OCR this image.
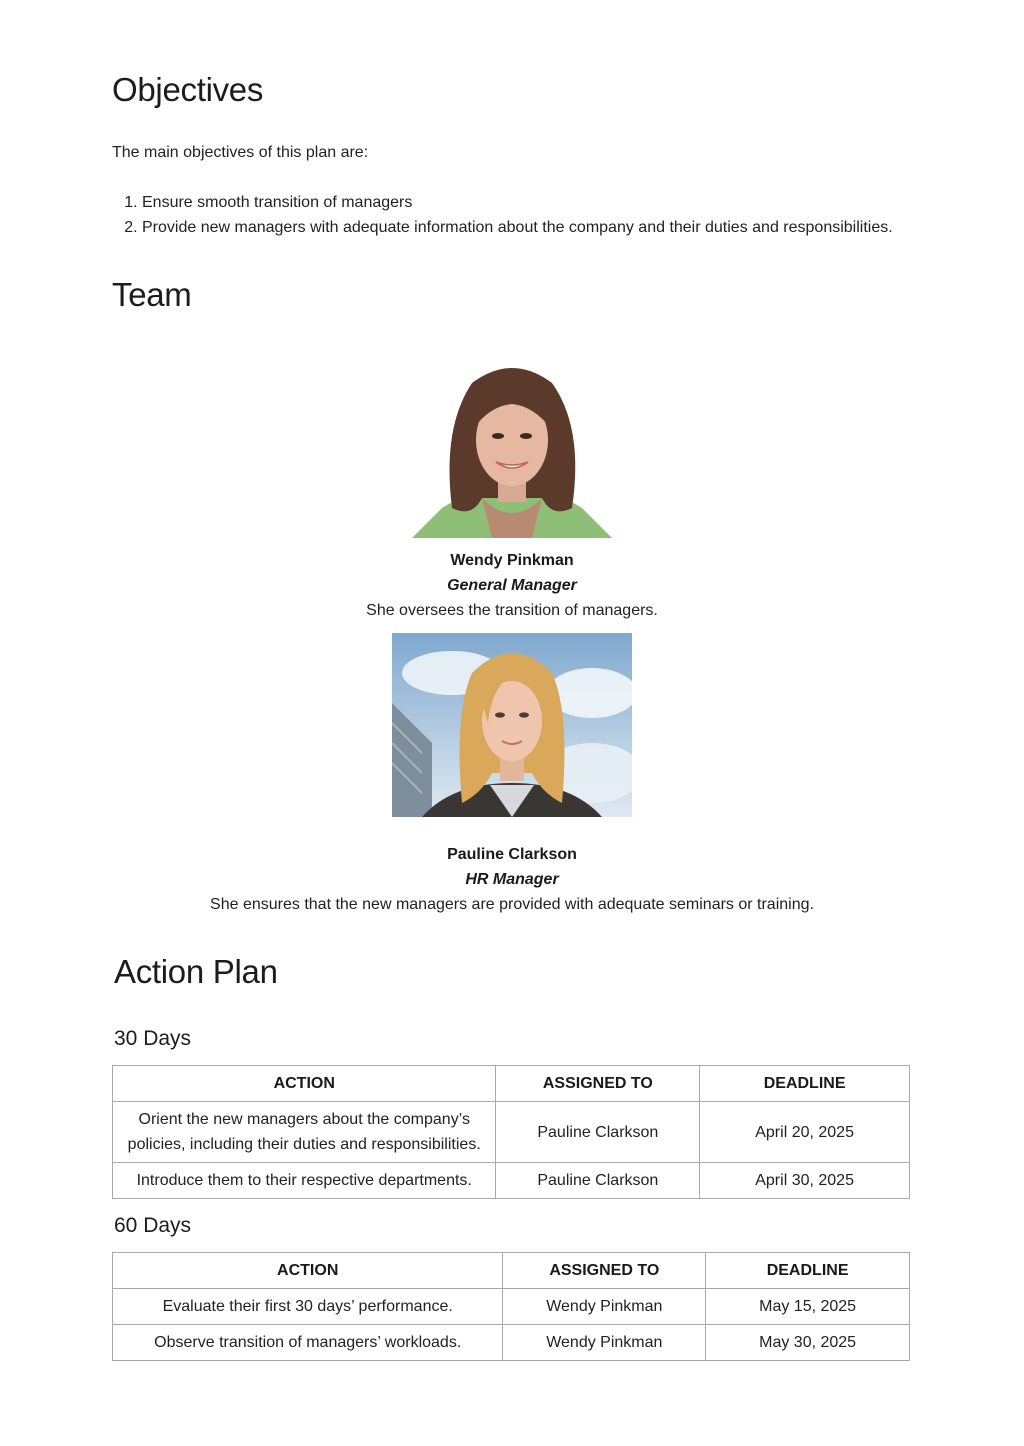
Objectives

The main objectives of this plan are:

1. Ensure smooth transition of managers
2. Provide new managers with adequate information about the company and their duties and responsibilities.
Team
Wendy Pinkman
General Manager
She oversees the transition of managers.
Pauline Clarkson
HR Manager
She ensures that the new managers are provided with adequate seminars or training.
Action Plan
30 Days
ACTION	ASSIGNED TO	DEADLINE
Orient the new managers about the company’s policies, including their duties and responsibilities.	Pauline Clarkson	April 20, 2025
Introduce them to their respective departments.	Pauline Clarkson	April 30, 2025
60 Days
ACTION	ASSIGNED TO	DEADLINE
Evaluate their first 30 days’ performance.	Wendy Pinkman	May 15, 2025
Observe transition of managers’ workloads.	Wendy Pinkman	May 30, 2025
